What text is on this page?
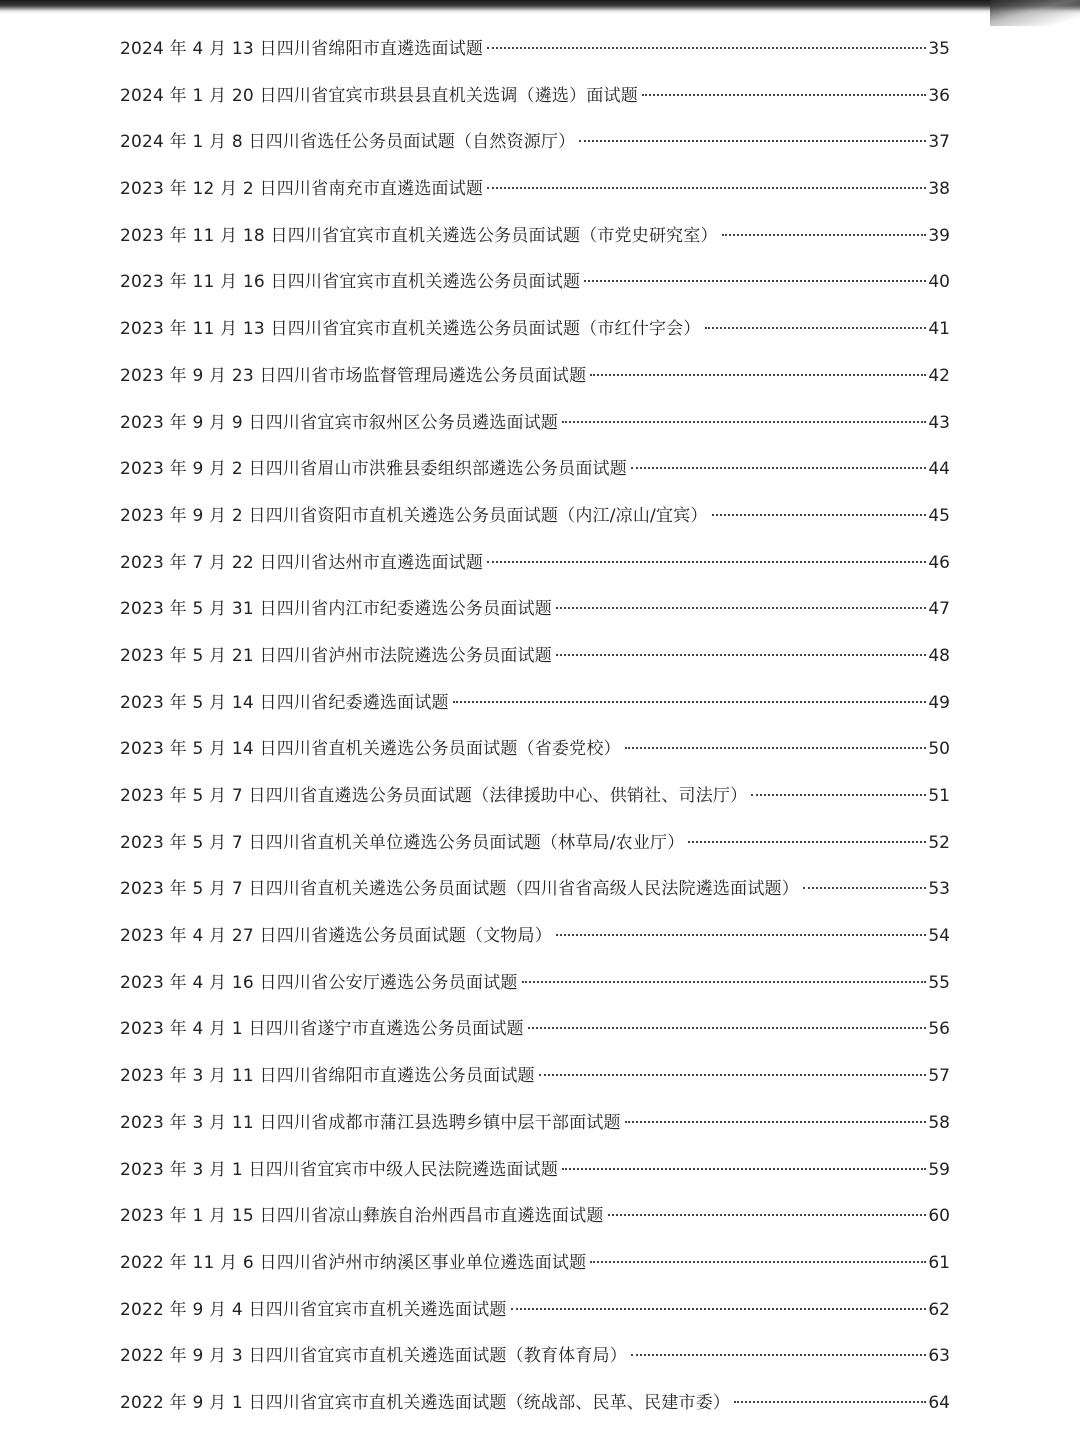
2024 年 4 月 13 日四川省绵阳市直遴选面试题	35
2024 年 1 月 20 日四川省宜宾市珙县县直机关选调（遴选）面试题	36
2024 年 1 月 8 日四川省选任公务员面试题（自然资源厅）	37
2023 年 12 月 2 日四川省南充市直遴选面试题	38
2023 年 11 月 18 日四川省宜宾市直机关遴选公务员面试题（市党史研究室）	39
2023 年 11 月 16 日四川省宜宾市直机关遴选公务员面试题	40
2023 年 11 月 13 日四川省宜宾市直机关遴选公务员面试题（市红什字会）	41
2023 年 9 月 23 日四川省市场监督管理局遴选公务员面试题	42
2023 年 9 月 9 日四川省宜宾市叙州区公务员遴选面试题	43
2023 年 9 月 2 日四川省眉山市洪雅县委组织部遴选公务员面试题	44
2023 年 9 月 2 日四川省资阳市直机关遴选公务员面试题（内江/凉山/宜宾）	45
2023 年 7 月 22 日四川省达州市直遴选面试题	46
2023 年 5 月 31 日四川省内江市纪委遴选公务员面试题	47
2023 年 5 月 21 日四川省泸州市法院遴选公务员面试题	48
2023 年 5 月 14 日四川省纪委遴选面试题	49
2023 年 5 月 14 日四川省直机关遴选公务员面试题（省委党校）	50
2023 年 5 月 7 日四川省直遴选公务员面试题（法律援助中心、供销社、司法厅）	51
2023 年 5 月 7 日四川省直机关单位遴选公务员面试题（林草局/农业厅）	52
2023 年 5 月 7 日四川省直机关遴选公务员面试题（四川省省高级人民法院遴选面试题）	53
2023 年 4 月 27 日四川省遴选公务员面试题（文物局）	54
2023 年 4 月 16 日四川省公安厅遴选公务员面试题	55
2023 年 4 月 1 日四川省遂宁市直遴选公务员面试题	56
2023 年 3 月 11 日四川省绵阳市直遴选公务员面试题	57
2023 年 3 月 11 日四川省成都市蒲江县选聘乡镇中层干部面试题	58
2023 年 3 月 1 日四川省宜宾市中级人民法院遴选面试题	59
2023 年 1 月 15 日四川省凉山彝族自治州西昌市直遴选面试题	60
2022 年 11 月 6 日四川省泸州市纳溪区事业单位遴选面试题	61
2022 年 9 月 4 日四川省宜宾市直机关遴选面试题	62
2022 年 9 月 3 日四川省宜宾市直机关遴选面试题（教育体育局）	63
2022 年 9 月 1 日四川省宜宾市直机关遴选面试题（统战部、民革、民建市委）	64
